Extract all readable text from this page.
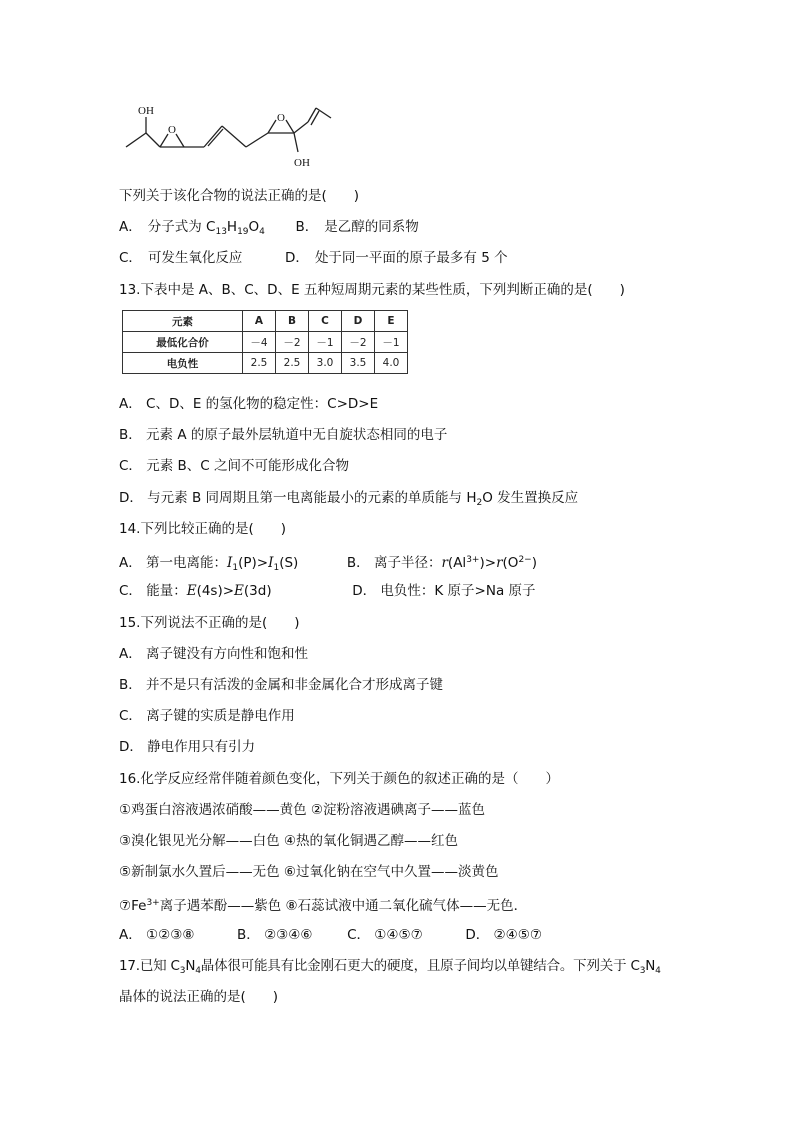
OH
O
O
OH
下列关于该化合物的说法正确的是(　　)
A． 分子式为 $C_{13}H_{19}O_4$ B． 是乙醇的同系物
C． 可发生氧化反应	D． 处于同一平面的原子最多有 5 个
13.下表中是 A、B、C、D、E 五种短周期元素的某些性质，下列判断正确的是(　　)
元素	A	B	C	D	E
最低化合价	－4	－2	－1	－2	－1
电负性	2.5	2.5	3.0	3.5	4.0
A． C、D、E 的氢化物的稳定性：C>D>E
B． 元素 A 的原子最外层轨道中无自旋状态相同的电子
C． 元素 B、C 之间不可能形成化合物
D． 与元素 B 同周期且第一电离能最小的元素的单质能与 $H_2O$ 发生置换反应
14.下列比较正确的是(　　)
A． 第一电离能：$I_1(P)>I_1(S)$	B． 离子半径：$r(Al^{3+})>r(O^{2-})$
C． 能量：E(4s)>E(3d)	D． 电负性：K 原子>Na 原子
15.下列说法不正确的是(　　)
A． 离子键没有方向性和饱和性
B． 并不是只有活泼的金属和非金属化合才形成离子键
C． 离子键的实质是静电作用
D． 静电作用只有引力
16.化学反应经常伴随着颜色变化，下列关于颜色的叙述正确的是（　　）
①鸡蛋白溶液遇浓硝酸——黄色 ②淀粉溶液遇碘离子——蓝色
③溴化银见光分解——白色 ④热的氧化铜遇乙醇——红色
⑤新制氯水久置后——无色 ⑥过氧化钠在空气中久置——淡黄色
$⑦Fe^{3+}$离子遇苯酚——紫色 ⑧石蕊试液中通二氧化硫气体——无色．
A． ①②③⑧	B． ②③④⑥	C． ①④⑤⑦	D． ②④⑤⑦
17.已知 $C_3N_4$晶体很可能具有比金刚石更大的硬度，且原子间均以单键结合。下列关于 $C_3N_4$
晶体的说法正确的是(　　)
